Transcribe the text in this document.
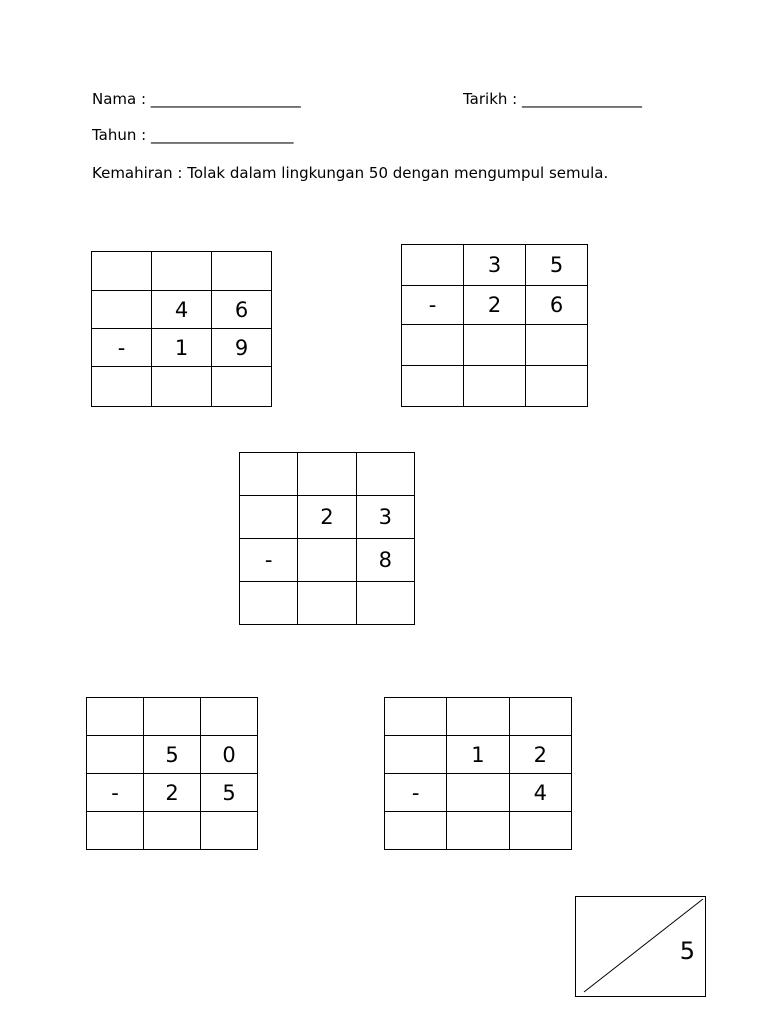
Nama : ____________________	Tarikh : ________________
Tahun : ___________________
Kemahiran : Tolak dalam lingkungan 50 dengan mengumpul semula.

	4	6
-	1	9

	3	5
-	2	6

	2	3
-		8

	5	0
-	2	5

	1	2
-		4

5
